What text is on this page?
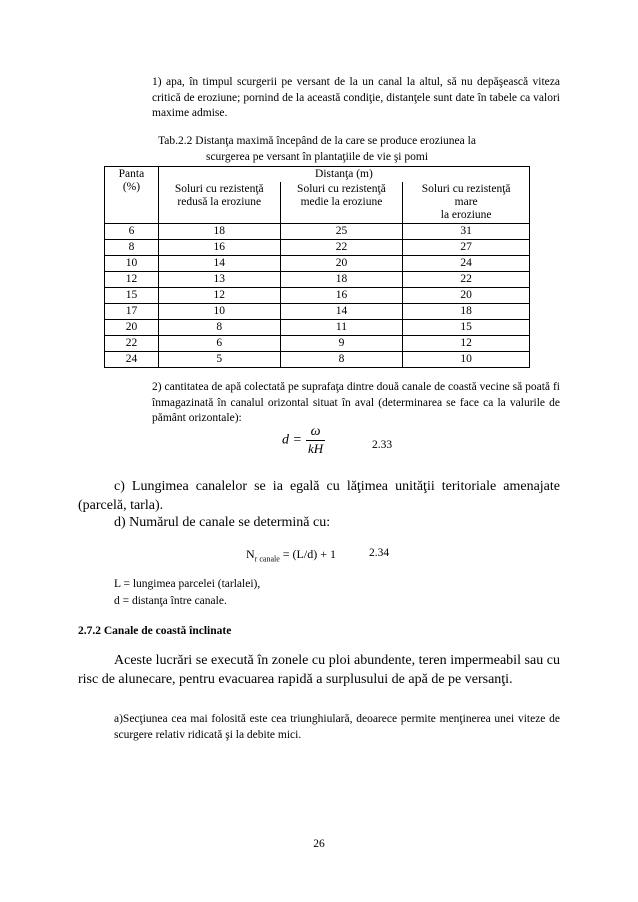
1) apa, în timpul scurgerii pe versant de la un canal la altul, să nu depăşească viteza critică de eroziune; pornind de la această condiţie, distanţele sunt date în tabele ca valori maxime admise.
Tab.2.2 Distanţa maximă începând de la care se produce eroziunea la
scurgerea pe versant în plantaţiile de vie şi pomi
Panta
(%)	Distanţa (m)		
	Soluri cu rezistenţă redusă la eroziune	Soluri cu rezistenţă medie la eroziune	Soluri cu rezistenţă
mare
la eroziune
6	18	25	31
8	16	22	27
10	14	20	24
12	13	18	22
15	12	16	20
17	10	14	18
20	8	11	15
22	6	9	12
24	5	8	10
2) cantitatea de apă colectată pe suprafaţa dintre două canale de coastă vecine să poată fi înmagazinată în canalul orizontal situat în aval (determinarea se face ca la valurile de pământ orizontale):
$d = \frac{\omega}{kH}$	2.33
c) Lungimea canalelor se ia egală cu lăţimea unităţii teritoriale amenajate (parcelă, tarla).
d) Numărul de canale se determină cu:
$N_{r canale} = (L/d) + 1$	2.34
L = lungimea parcelei (tarlalei),
d = distanţa între canale.
2.7.2 Canale de coastă înclinate
Aceste lucrări se execută în zonele cu ploi abundente, teren impermeabil sau cu risc de alunecare, pentru evacuarea rapidă a surplusului de apă de pe versanţi.
a)Secţiunea cea mai folosită este cea triunghiulară, deoarece permite menţinerea unei viteze de scurgere relativ ridicată şi la debite mici.
26
